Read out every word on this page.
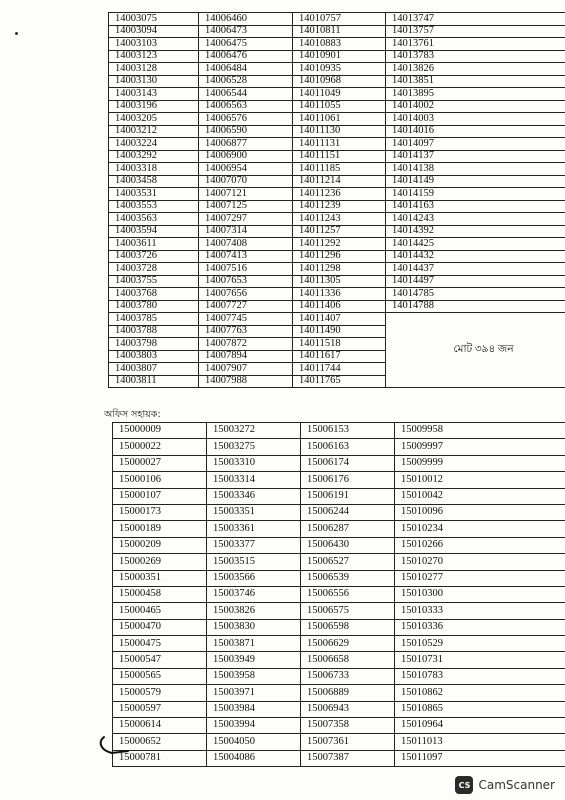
14003075	14006460	14010757	14013747
14003094	14006473	14010811	14013757
14003103	14006475	14010883	14013761
14003123	14006476	14010901	14013783
14003128	14006484	14010935	14013826
14003130	14006528	14010968	14013851
14003143	14006544	14011049	14013895
14003196	14006563	14011055	14014002
14003205	14006576	14011061	14014003
14003212	14006590	14011130	14014016
14003224	14006877	14011131	14014097
14003292	14006900	14011151	14014137
14003318	14006954	14011185	14014138
14003458	14007070	14011214	14014149
14003531	14007121	14011236	14014159
14003553	14007125	14011239	14014163
14003563	14007297	14011243	14014243
14003594	14007314	14011257	14014392
14003611	14007408	14011292	14014425
14003726	14007413	14011296	14014432
14003728	14007516	14011298	14014437
14003755	14007653	14011305	14014497
14003768	14007656	14011336	14014785
14003780	14007727	14011406	14014788
14003785	14007745	14011407	মোট ৩৯৪ জন
14003788	14007763	14011490	
14003798	14007872	14011518	
14003803	14007894	14011617	
14003807	14007907	14011744	
14003811	14007988	14011765	
অফিস সহায়ক:
15000009	15003272	15006153	15009958
15000022	15003275	15006163	15009997
15000027	15003310	15006174	15009999
15000106	15003314	15006176	15010012
15000107	15003346	15006191	15010042
15000173	15003351	15006244	15010096
15000189	15003361	15006287	15010234
15000209	15003377	15006430	15010266
15000269	15003515	15006527	15010270
15000351	15003566	15006539	15010277
15000458	15003746	15006556	15010300
15000465	15003826	15006575	15010333
15000470	15003830	15006598	15010336
15000475	15003871	15006629	15010529
15000547	15003949	15006658	15010731
15000565	15003958	15006733	15010783
15000579	15003971	15006889	15010862
15000597	15003984	15006943	15010865
15000614	15003994	15007358	15010964
15000652	15004050	15007361	15011013
15000781	15004086	15007387	15011097
CS CamScanner
